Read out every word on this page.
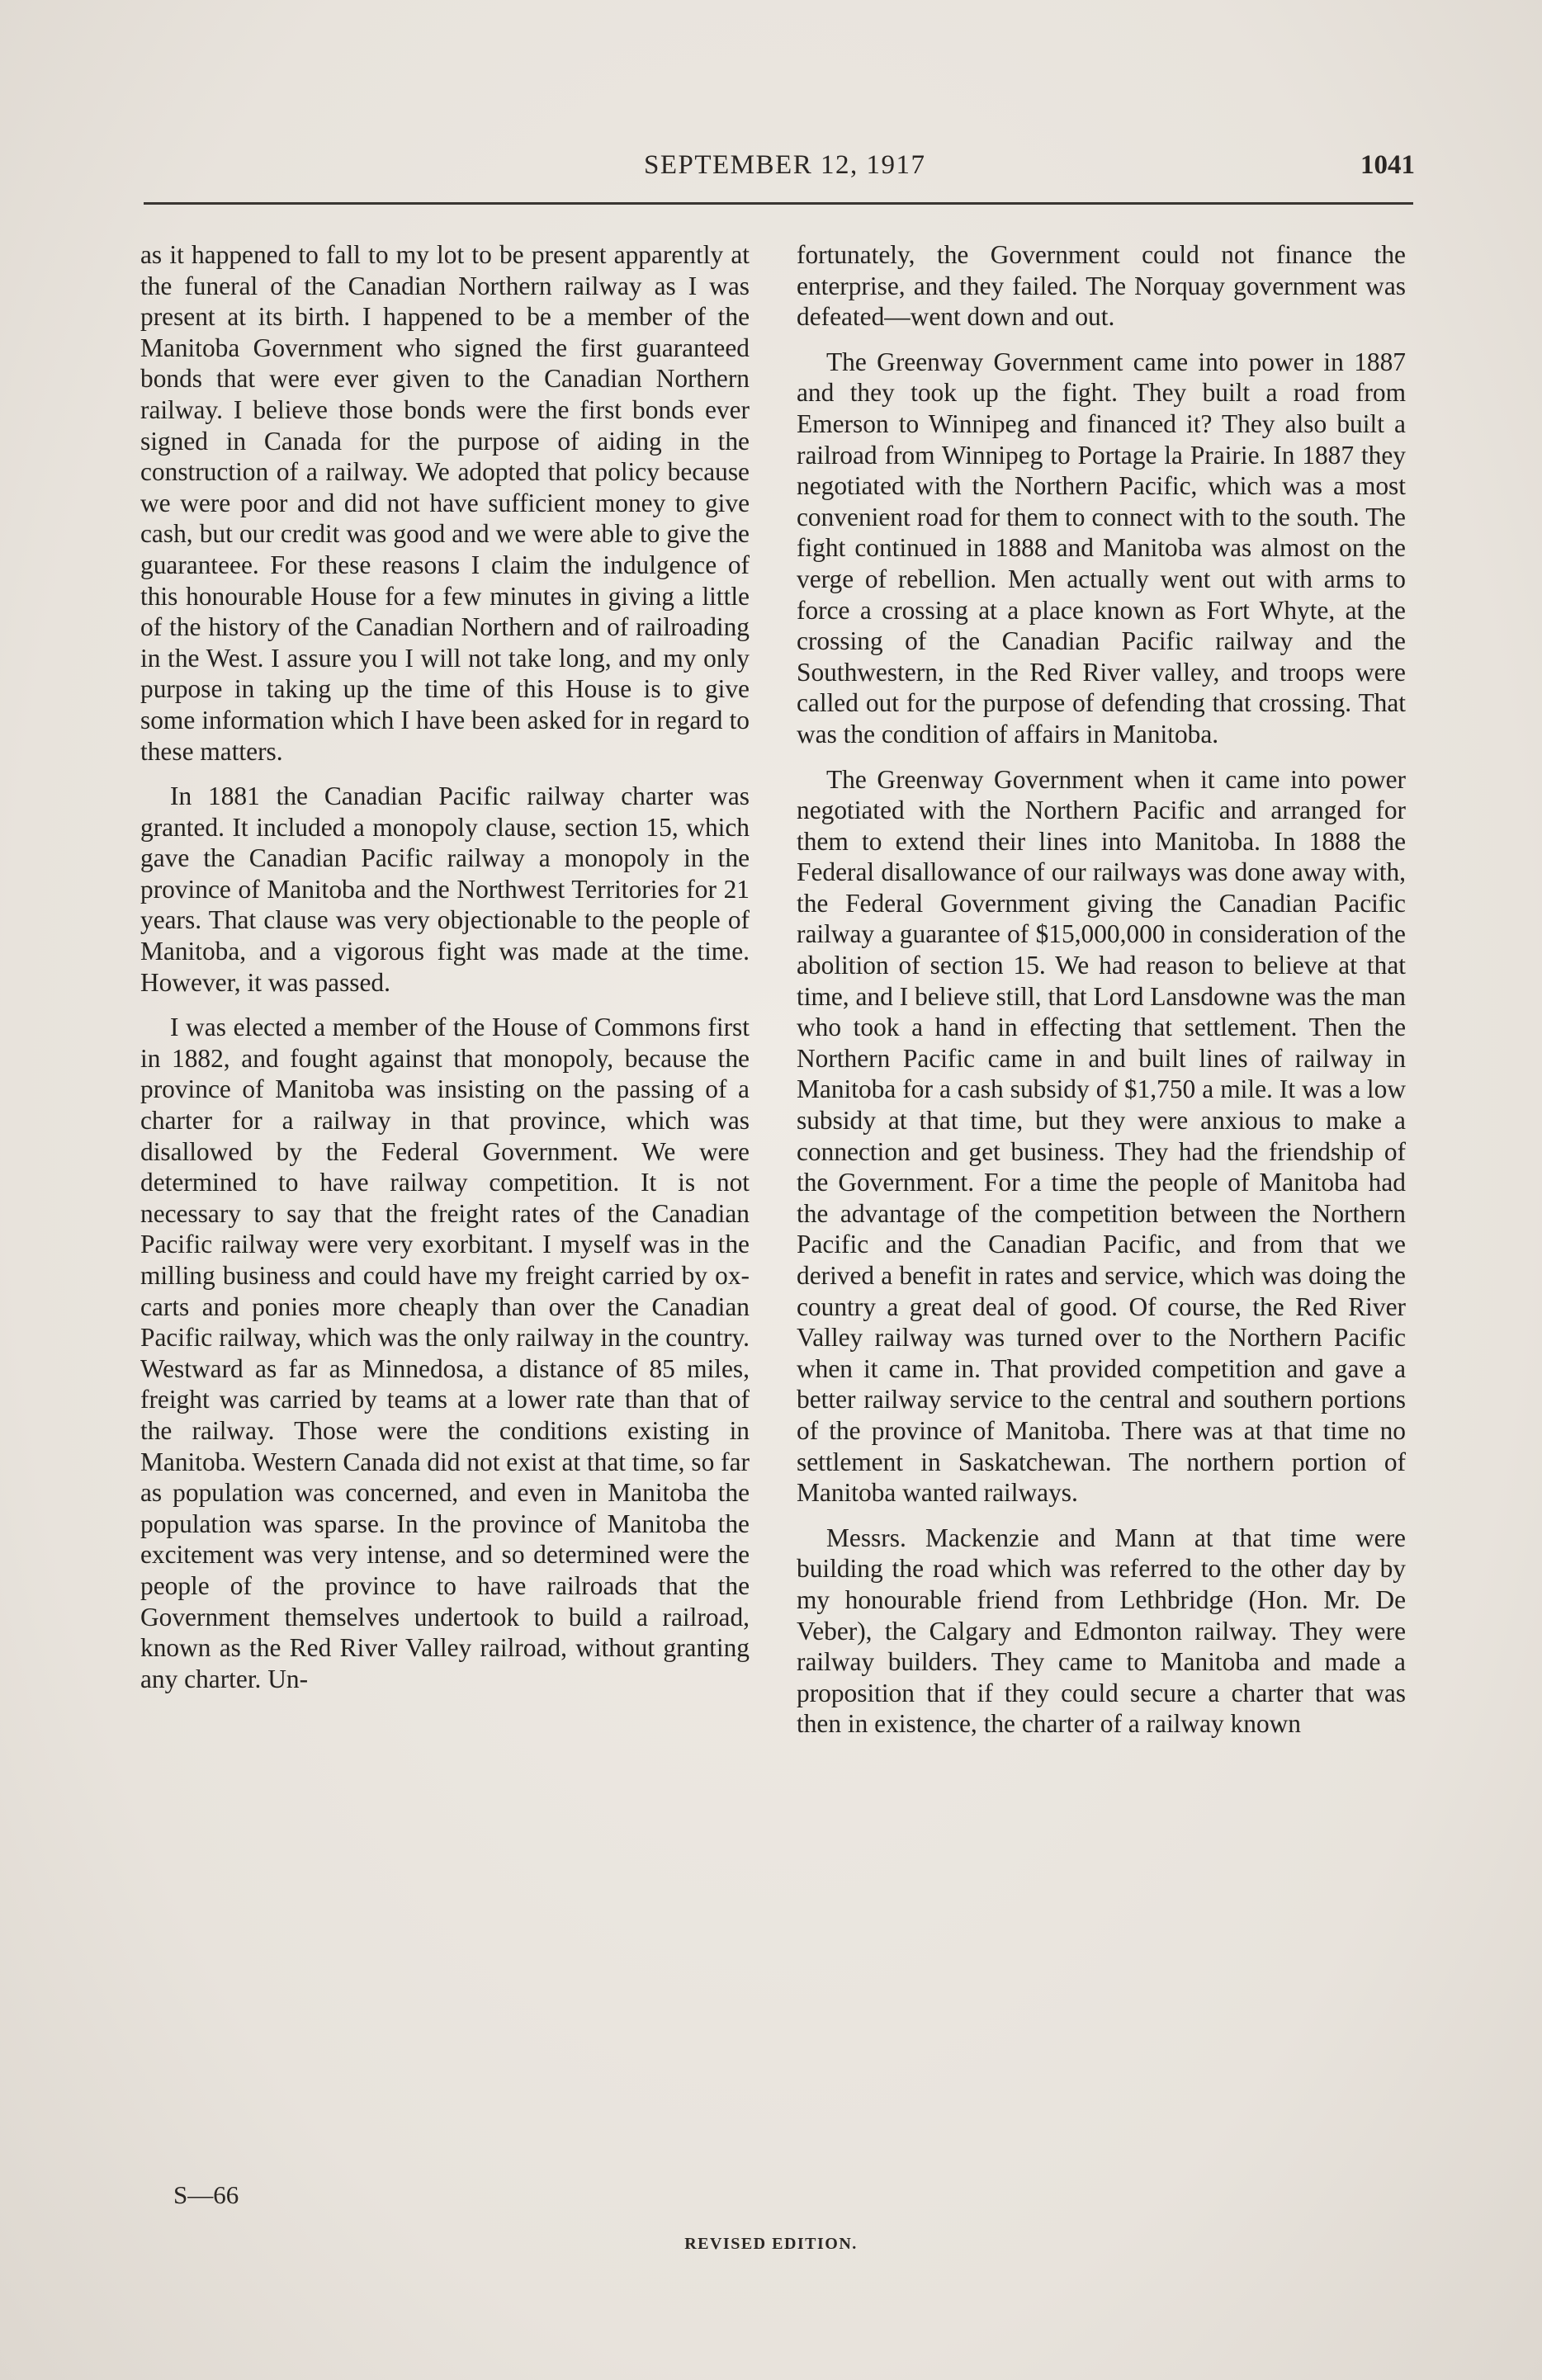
SEPTEMBER 12, 1917	1041

as it happened to fall to my lot to be present apparently at the funeral of the Canadian Northern railway as I was present at its birth. I happened to be a member of the Manitoba Government who signed the first guaranteed bonds that were ever given to the Canadian Northern railway. I believe those bonds were the first bonds ever signed in Canada for the purpose of aiding in the construction of a railway. We adopted that policy because we were poor and did not have sufficient money to give cash, but our credit was good and we were able to give the guaranteee. For these reasons I claim the indulgence of this honourable House for a few minutes in giving a little of the history of the Canadian Northern and of railroading in the West. I assure you I will not take long, and my only purpose in taking up the time of this House is to give some information which I have been asked for in regard to these matters.

In 1881 the Canadian Pacific railway charter was granted. It included a monopoly clause, section 15, which gave the Canadian Pacific railway a monopoly in the province of Manitoba and the Northwest Territories for 21 years. That clause was very objectionable to the people of Manitoba, and a vigorous fight was made at the time. However, it was passed.

I was elected a member of the House of Commons first in 1882, and fought against that monopoly, because the province of Manitoba was insisting on the passing of a charter for a railway in that province, which was disallowed by the Federal Government. We were determined to have railway competition. It is not necessary to say that the freight rates of the Canadian Pacific railway were very exorbitant. I myself was in the milling business and could have my freight carried by ox-carts and ponies more cheaply than over the Canadian Pacific railway, which was the only railway in the country. Westward as far as Minnedosa, a distance of 85 miles, freight was carried by teams at a lower rate than that of the railway. Those were the conditions existing in Manitoba. Western Canada did not exist at that time, so far as population was concerned, and even in Manitoba the population was sparse. In the province of Manitoba the excitement was very intense, and so determined were the people of the province to have railroads that the Government themselves undertook to build a railroad, known as the Red River Valley railroad, without granting any charter. Un-

fortunately, the Government could not finance the enterprise, and they failed. The Norquay government was defeated—went down and out.

The Greenway Government came into power in 1887 and they took up the fight. They built a road from Emerson to Winnipeg and financed it? They also built a railroad from Winnipeg to Portage la Prairie. In 1887 they negotiated with the Northern Pacific, which was a most convenient road for them to connect with to the south. The fight continued in 1888 and Manitoba was almost on the verge of rebellion. Men actually went out with arms to force a crossing at a place known as Fort Whyte, at the crossing of the Canadian Pacific railway and the Southwestern, in the Red River valley, and troops were called out for the purpose of defending that crossing. That was the condition of affairs in Manitoba.

The Greenway Government when it came into power negotiated with the Northern Pacific and arranged for them to extend their lines into Manitoba. In 1888 the Federal disallowance of our railways was done away with, the Federal Government giving the Canadian Pacific railway a guarantee of $15,000,000 in consideration of the abolition of section 15. We had reason to believe at that time, and I believe still, that Lord Lansdowne was the man who took a hand in effecting that settlement. Then the Northern Pacific came in and built lines of railway in Manitoba for a cash subsidy of $1,750 a mile. It was a low subsidy at that time, but they were anxious to make a connection and get business. They had the friendship of the Government. For a time the people of Manitoba had the advantage of the competition between the Northern Pacific and the Canadian Pacific, and from that we derived a benefit in rates and service, which was doing the country a great deal of good. Of course, the Red River Valley railway was turned over to the Northern Pacific when it came in. That provided competition and gave a better railway service to the central and southern portions of the province of Manitoba. There was at that time no settlement in Saskatchewan. The northern portion of Manitoba wanted railways.

Messrs. Mackenzie and Mann at that time were building the road which was referred to the other day by my honourable friend from Lethbridge (Hon. Mr. De Veber), the Calgary and Edmonton railway. They were railway builders. They came to Manitoba and made a proposition that if they could secure a charter that was then in existence, the charter of a railway known

S—66
REVISED EDITION.
